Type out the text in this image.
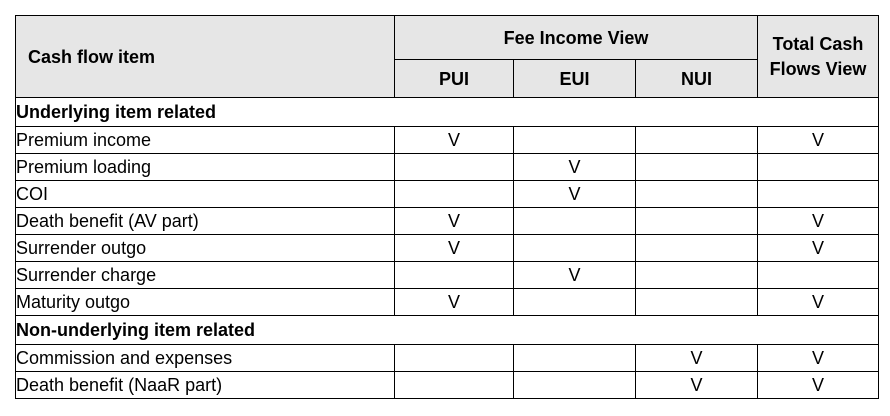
Cash flow item	Fee Income View			Total Cash Flows View
	PUI	EUI	NUI	
Underlying item related				
Premium income	V			V
Premium loading		V		
COI		V		
Death benefit (AV part)	V			V
Surrender outgo	V			V
Surrender charge		V		
Maturity outgo	V			V
Non-underlying item related				
Commission and expenses			V	V
Death benefit (NaaR part)			V	V
